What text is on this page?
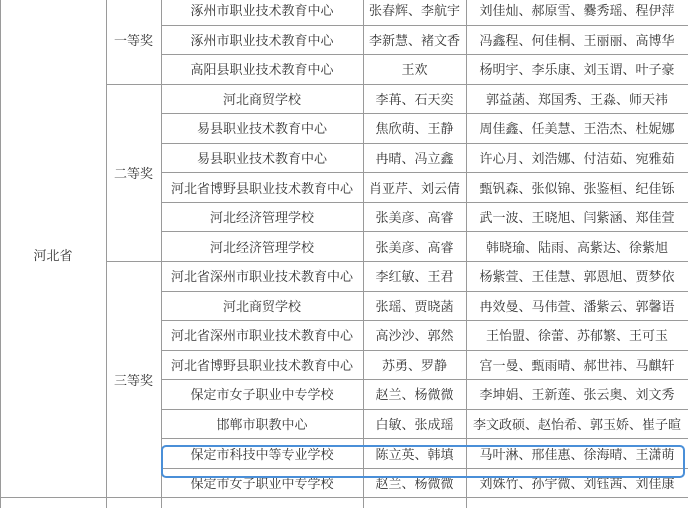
河北省
一等奖
涿州市职业技术教育中心	张春辉、李航宇	刘佳灿、郝原雪、爨秀瑶、程伊萍
涿州市职业技术教育中心	李新慧、褚文香	冯鑫程、何佳桐、王丽丽、高博华
高阳县职业技术教育中心	王欢	杨明宇、李乐康、刘玉谓、叶子豪
二等奖
河北商贸学校	李苒、石天奕	郭益菡、郑国秀、王淼、师天祎
易县职业技术教育中心	焦欣萌、王静	周佳鑫、任美慧、王浩杰、杜妮娜
易县职业技术教育中心	冉晴、冯立鑫	许心月、刘浩娜、付洁茹、宛雅茹
河北省博野县职业技术教育中心	肖亚芹、刘云倩	甄钒森、张似锦、张鉴桓、纪佳铄
河北经济管理学校	张美彦、高睿	武一波、王晓旭、闫紫涵、郑佳萱
河北经济管理学校	张美彦、高睿	韩晓瑜、陆雨、高紫达、徐紫旭
三等奖
河北省深州市职业技术教育中心	李红敏、王君	杨紫萱、王佳慧、郭恩旭、贾梦依
河北商贸学校	张瑶、贾晓菡	冉效曼、马伟萱、潘紫云、郭馨语
河北省深州市职业技术教育中心	高沙沙、郭然	王怡盟、徐蕾、苏郁繁、王可玉
河北省博野县职业技术教育中心	苏勇、罗静	宫一曼、甄雨晴、郝世祎、马麒轩
保定市女子职业中专学校	赵兰、杨微微	李坤娟、王新莲、张云奥、刘文秀
邯郸市职教中心	白敏、张成瑶	李文政硕、赵怡希、郭玉娇、崔子暄
保定市科技中等专业学校	陈立英、韩填	马叶淋、邢佳惠、徐海晴、王潇萌
保定市女子职业中专学校	赵兰、杨微微	刘姝竹、孙宇微、刘钰茜、刘佳康
